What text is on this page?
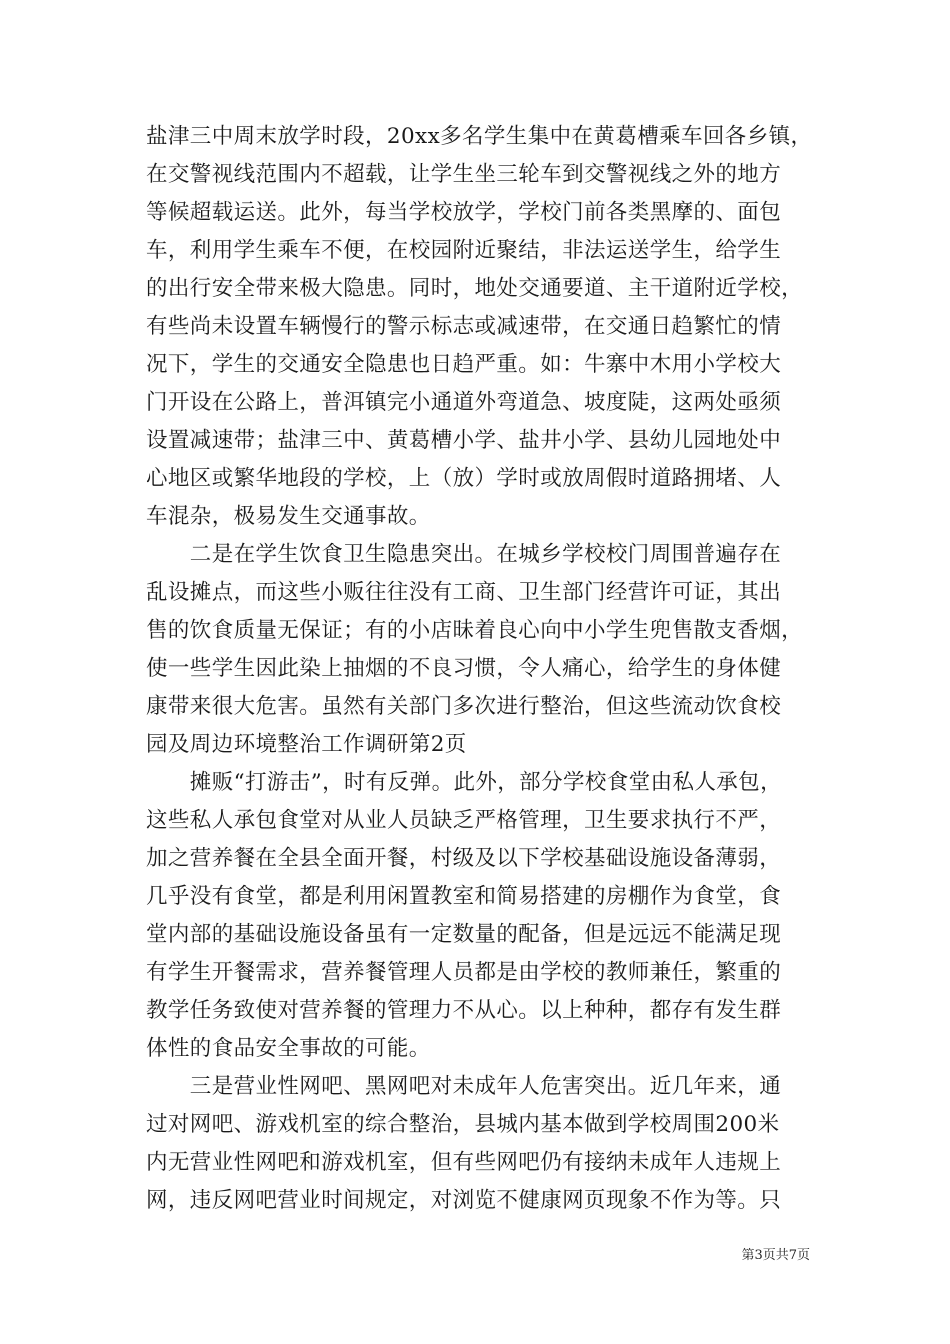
盐津三中周末放学时段，20xx多名学生集中在黄葛槽乘车回各乡镇，
在交警视线范围内不超载，让学生坐三轮车到交警视线之外的地方
等候超载运送。此外，每当学校放学，学校门前各类黑摩的、面包
车，利用学生乘车不便，在校园附近聚结，非法运送学生，给学生
的出行安全带来极大隐患。同时，地处交通要道、主干道附近学校，
有些尚未设置车辆慢行的警示标志或减速带，在交通日趋繁忙的情
况下，学生的交通安全隐患也日趋严重。如：牛寨中木用小学校大
门开设在公路上，普洱镇完小通道外弯道急、坡度陡，这两处亟须
设置减速带；盐津三中、黄葛槽小学、盐井小学、县幼儿园地处中
心地区或繁华地段的学校，上（放）学时或放周假时道路拥堵、人
车混杂，极易发生交通事故。
　　二是在学生饮食卫生隐患突出。在城乡学校校门周围普遍存在
乱设摊点，而这些小贩往往没有工商、卫生部门经营许可证，其出
售的饮食质量无保证；有的小店昧着良心向中小学生兜售散支香烟，
使一些学生因此染上抽烟的不良习惯，令人痛心，给学生的身体健
康带来很大危害。虽然有关部门多次进行整治，但这些流动饮食校
园及周边环境整治工作调研第2页
　　摊贩“打游击”，时有反弹。此外，部分学校食堂由私人承包，
这些私人承包食堂对从业人员缺乏严格管理，卫生要求执行不严，
加之营养餐在全县全面开餐，村级及以下学校基础设施设备薄弱，
几乎没有食堂，都是利用闲置教室和简易搭建的房棚作为食堂，食
堂内部的基础设施设备虽有一定数量的配备，但是远远不能满足现
有学生开餐需求，营养餐管理人员都是由学校的教师兼任，繁重的
教学任务致使对营养餐的管理力不从心。以上种种，都存有发生群
体性的食品安全事故的可能。
　　三是营业性网吧、黑网吧对未成年人危害突出。近几年来，通
过对网吧、游戏机室的综合整治，县城内基本做到学校周围200米
内无营业性网吧和游戏机室，但有些网吧仍有接纳未成年人违规上
网，违反网吧营业时间规定，对浏览不健康网页现象不作为等。只
第3页共7页
